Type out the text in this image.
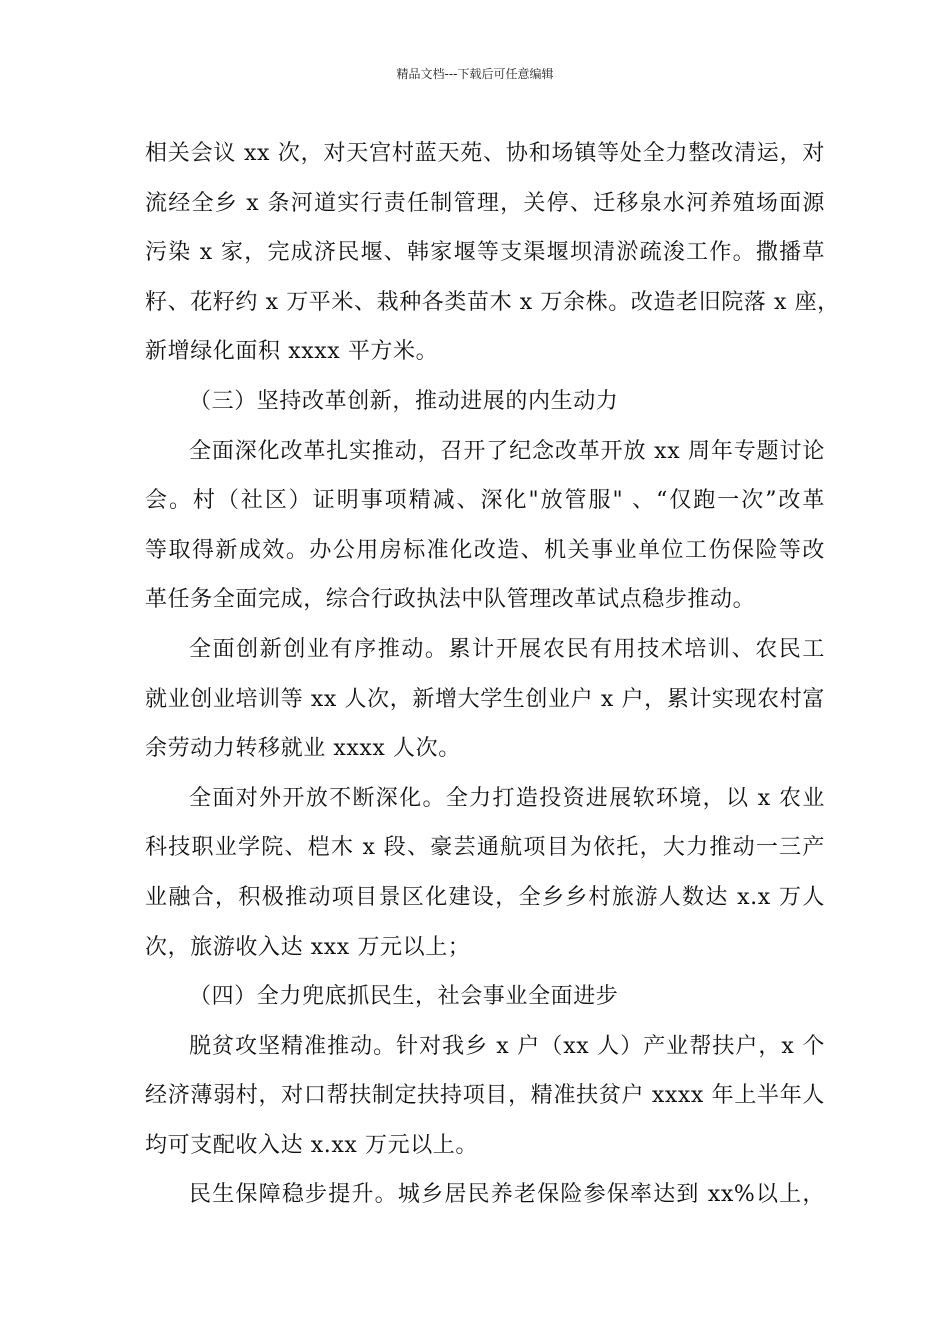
精品文档---下载后可任意编辑
相关会议 xx 次，对天宫村蓝天苑、协和场镇等处全力整改清运，对
流经全乡 x 条河道实行责任制管理，关停、迁移泉水河养殖场面源
污染 x 家，完成济民堰、韩家堰等支渠堰坝清淤疏浚工作。撒播草
籽、花籽约 x 万平米、栽种各类苗木 x 万余株。改造老旧院落 x 座，
新增绿化面积 xxxx 平方米。
（三）坚持改革创新，推动进展的内生动力
全面深化改革扎实推动，召开了纪念改革开放 xx 周年专题讨论
会。村（社区）证明事项精减、深化"放管服" 、“仅跑一次”改革
等取得新成效。办公用房标准化改造、机关事业单位工伤保险等改
革任务全面完成，综合行政执法中队管理改革试点稳步推动。
全面创新创业有序推动。累计开展农民有用技术培训、农民工
就业创业培训等 xx 人次，新增大学生创业户 x 户，累计实现农村富
余劳动力转移就业 xxxx 人次。
全面对外开放不断深化。全力打造投资进展软环境，以 x 农业
科技职业学院、桤木 x 段、豪芸通航项目为依托，大力推动一三产
业融合，积极推动项目景区化建设，全乡乡村旅游人数达 x.x 万人
次，旅游收入达 xxx 万元以上；
（四）全力兜底抓民生，社会事业全面进步
脱贫攻坚精准推动。针对我乡 x 户（xx 人）产业帮扶户，x 个
经济薄弱村，对口帮扶制定扶持项目，精准扶贫户 xxxx 年上半年人
均可支配收入达 x.xx 万元以上。
民生保障稳步提升。城乡居民养老保险参保率达到 xx%以上，
